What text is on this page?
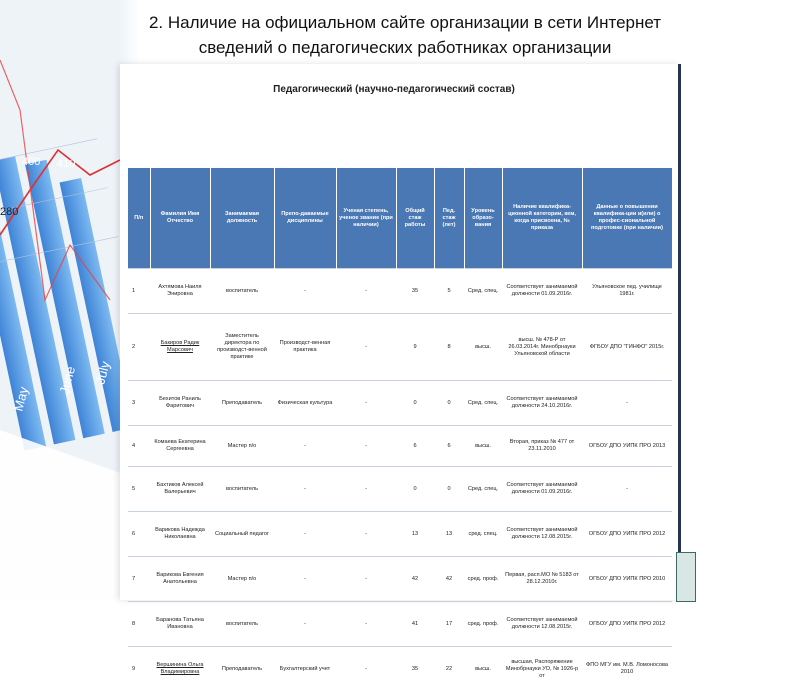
2. Наличие на официальном сайте организации в сети Интернет
сведений о педагогических работниках организации
Педагогический (научно-педагогический состав)
П/п	Фамилия Имя Отчество	Занимаемая должность	Препо-даваемые дисциплины	Ученая степень, ученое звание (при наличии)	Общий стаж работы	Пед. стаж (лет)	Уровень образо-вания	Наличие квалифика-ционной категории, кем, когда присвоена, № приказа	Данные о повышении квалифика-ции и(или) о профес-сиональной подготовке (при наличии)
1	Ахтямова Наиля Энировна	воспитатель	-	-	35	5	Сред. спец.	Соответствует занимаемой должности 01.09.2016г.	Ульяновское пед. училище 1981г.
2	Бакиров Радик Марсович	Заместитель директора по производст-венной практике	Производст-венная практика	-	9	8	высш.	высш. № 478-Р от 26.03.2014г. Минобрнауки Ульяновской области	ФГБОУ ДПО "ГИНФО" 2015г.
3	Бехитов Раниль Фаритович	Преподаватель	Физическая культура	-	0	0	Сред. спец.	Соответствует занимаемой должности 24.10.2016г.	-
4	Комаева Екатерина Сергеевна	Мастер п/о	-	-	6	6	высш.	Вторая, приказ № 477 от 23.11.2010	ОГБОУ ДПО УИПК ПРО 2013
5	Бахтиков Алексей Валерьевич	воспитатель	-	-	0	0	Сред. спец.	Соответствует занимаемой должности 01.09.2016г.	-
6	Варикова Надежда Николаевна	Социальный педагог	-	-	13	13	сред. спец.	Соответствует занимаемой должности 12.08.2015г.	ОГБОУ ДПО УИПК ПРО 2012
7	Варикова Евгения Анатольевна	Мастер п/о	-	-	42	42	сред. проф.	Первая, расп.МО № 5183 от 28.12.2010г.	ОГБОУ ДПО УИПК ПРО 2010
8	Баранова Татьяна Ивановна	воспитатель	-	-	41	17	сред. проф.	Соответствует занимаемой должности 12.08.2015г.	ОГБОУ ДПО УИПК ПРО 2012
9	Вершинина Ольга Владимировна	Преподаватель	Бухгалтерский учет	-	35	22	высш.	высшая, Распоряжение Минобрнауки УО, № 1926-р от	ФПО МГУ им. М.В. Ломоносова 2010
